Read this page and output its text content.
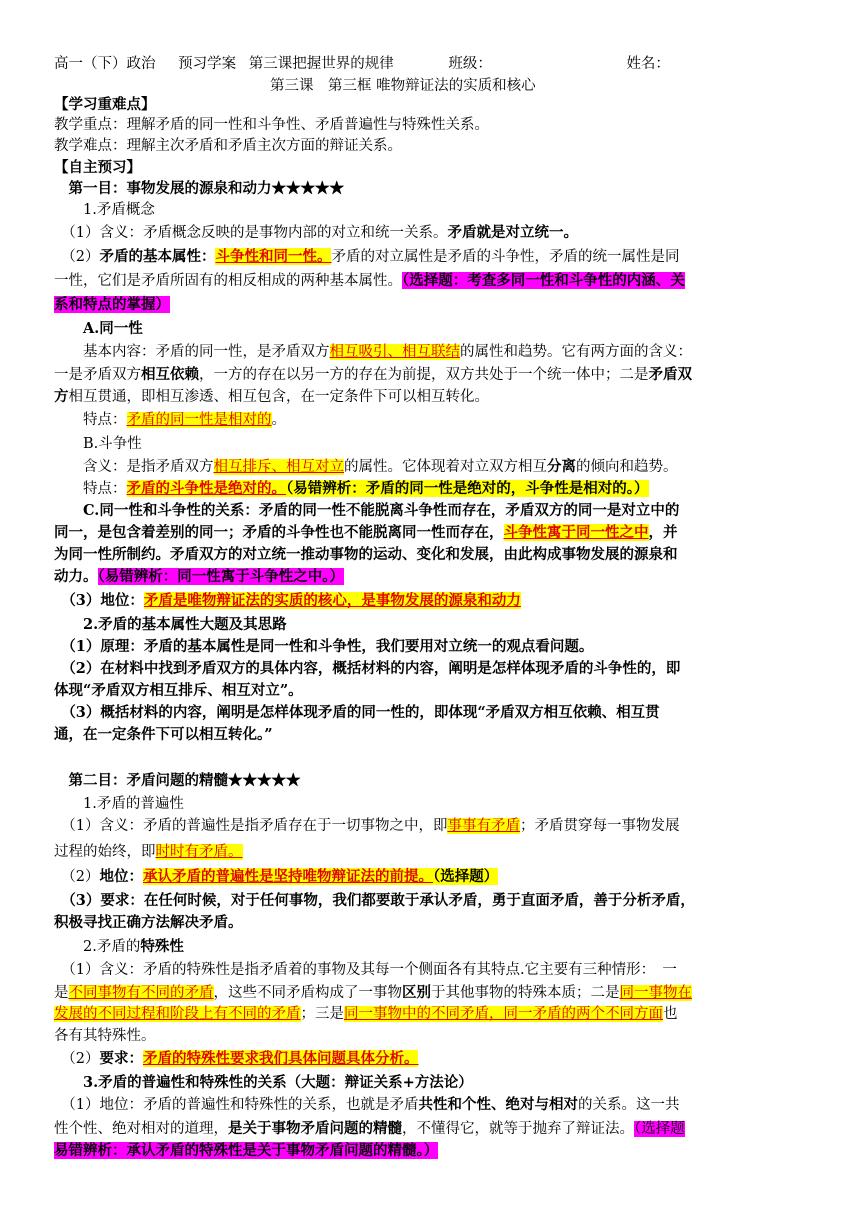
高一（下）政治 预习学案 第三课把握世界的规律	班级：	姓名：
第三课　第三框 唯物辩证法的实质和核心
【学习重难点】
教学重点：理解矛盾的同一性和斗争性、矛盾普遍性与特殊性关系。
教学难点：理解主次矛盾和矛盾主次方面的辩证关系。
【自主预习】
　第一目：事物发展的源泉和动力★★★★★
　　1.矛盾概念
　（1）含义：矛盾概念反映的是事物内部的对立和统一关系。矛盾就是对立统一。
　（2）矛盾的基本属性：斗争性和同一性。矛盾的对立属性是矛盾的斗争性，矛盾的统一属性是同
一性，它们是矛盾所固有的相反相成的两种基本属性。（选择题：考查多同一性和斗争性的内涵、关
系和特点的掌握）
　　A.同一性
　　基本内容：矛盾的同一性，是矛盾双方相互吸引、相互联结的属性和趋势。它有两方面的含义：
一是矛盾双方相互依赖，一方的存在以另一方的存在为前提，双方共处于一个统一体中；二是矛盾双
方相互贯通，即相互渗透、相互包含，在一定条件下可以相互转化。
　　特点：矛盾的同一性是相对的。
　　B.斗争性
　　含义：是指矛盾双方相互排斥、相互对立的属性。它体现着对立双方相互分离的倾向和趋势。
　　特点：矛盾的斗争性是绝对的。（易错辨析：矛盾的同一性是绝对的，斗争性是相对的。）
　　C.同一性和斗争性的关系：矛盾的同一性不能脱离斗争性而存在，矛盾双方的同一是对立中的
同一，是包含着差别的同一；矛盾的斗争性也不能脱离同一性而存在，斗争性寓于同一性之中，并
为同一性所制约。矛盾双方的对立统一推动事物的运动、变化和发展，由此构成事物发展的源泉和
动力。（易错辨析：同一性寓于斗争性之中。）
　（3）地位：矛盾是唯物辩证法的实质的核心，是事物发展的源泉和动力
　　2.矛盾的基本属性大题及其思路
　（1）原理：矛盾的基本属性是同一性和斗争性，我们要用对立统一的观点看问题。
　（2）在材料中找到矛盾双方的具体内容，概括材料的内容，阐明是怎样体现矛盾的斗争性的，即
体现“矛盾双方相互排斥、相互对立”。
　（3）概括材料的内容，阐明是怎样体现矛盾的同一性的，即体现“矛盾双方相互依赖、相互贯
通，在一定条件下可以相互转化。”
　第二目：矛盾问题的精髓★★★★★
　　1.矛盾的普遍性
　（1）含义：矛盾的普遍性是指矛盾存在于一切事物之中，即事事有矛盾；矛盾贯穿每一事物发展
过程的始终，即时时有矛盾。
　（2）地位：承认矛盾的普遍性是坚持唯物辩证法的前提。（选择题）
　（3）要求：在任何时候，对于任何事物，我们都要敢于承认矛盾，勇于直面矛盾，善于分析矛盾，
积极寻找正确方法解决矛盾。
　　2.矛盾的特殊性
　（1）含义：矛盾的特殊性是指矛盾着的事物及其每一个侧面各有其特点.它主要有三种情形：　一
是不同事物有不同的矛盾，这些不同矛盾构成了一事物区别于其他事物的特殊本质；二是同一事物在
发展的不同过程和阶段上有不同的矛盾；三是同一事物中的不同矛盾，同一矛盾的两个不同方面也
各有其特殊性。
　（2）要求：矛盾的特殊性要求我们具体问题具体分析。
　　3.矛盾的普遍性和特殊性的关系（大题：辩证关系+方法论）
　（1）地位：矛盾的普遍性和特殊性的关系，也就是矛盾共性和个性、绝对与相对的关系。这一共
性个性、绝对相对的道理，是关于事物矛盾问题的精髓，不懂得它，就等于抛弃了辩证法。（选择题
易错辨析：承认矛盾的特殊性是关于事物矛盾问题的精髓。）
